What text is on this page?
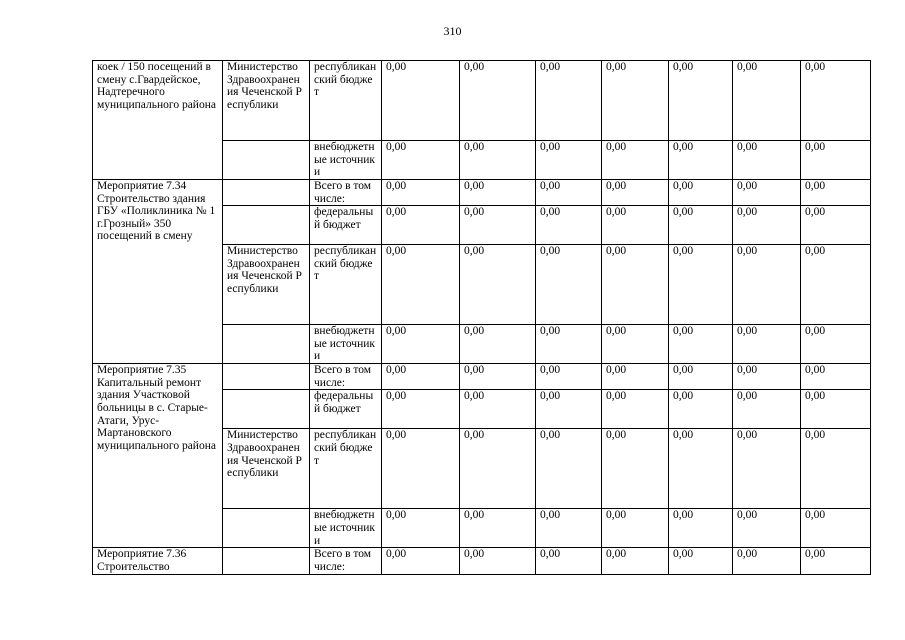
310
коек / 150 посещений в смену с.Гвардейское, Надтеречного муниципального района	Министерство Здравоохранения Чеченской Республики	республиканский бюджет	0,00	0,00	0,00	0,00	0,00	0,00	0,00
		внебюджетные источники	0,00	0,00	0,00	0,00	0,00	0,00	0,00
Мероприятие 7.34 Строительство здания ГБУ «Поликлиника № 1 г.Грозный» 350 посещений в смену		Всего в том числе:	0,00	0,00	0,00	0,00	0,00	0,00	0,00
		федеральный бюджет	0,00	0,00	0,00	0,00	0,00	0,00	0,00
	Министерство Здравоохранения Чеченской Республики	республиканский бюджет	0,00	0,00	0,00	0,00	0,00	0,00	0,00
		внебюджетные источники	0,00	0,00	0,00	0,00	0,00	0,00	0,00
Мероприятие 7.35 Капитальный ремонт здания Участковой больницы в с. Старые-Атаги, Урус-Мартановского муниципального района		Всего в том числе:	0,00	0,00	0,00	0,00	0,00	0,00	0,00
		федеральный бюджет	0,00	0,00	0,00	0,00	0,00	0,00	0,00
	Министерство Здравоохранения Чеченской Республики	республиканский бюджет	0,00	0,00	0,00	0,00	0,00	0,00	0,00
		внебюджетные источники	0,00	0,00	0,00	0,00	0,00	0,00	0,00
Мероприятие 7.36 Строительство		Всего в том числе:	0,00	0,00	0,00	0,00	0,00	0,00	0,00
